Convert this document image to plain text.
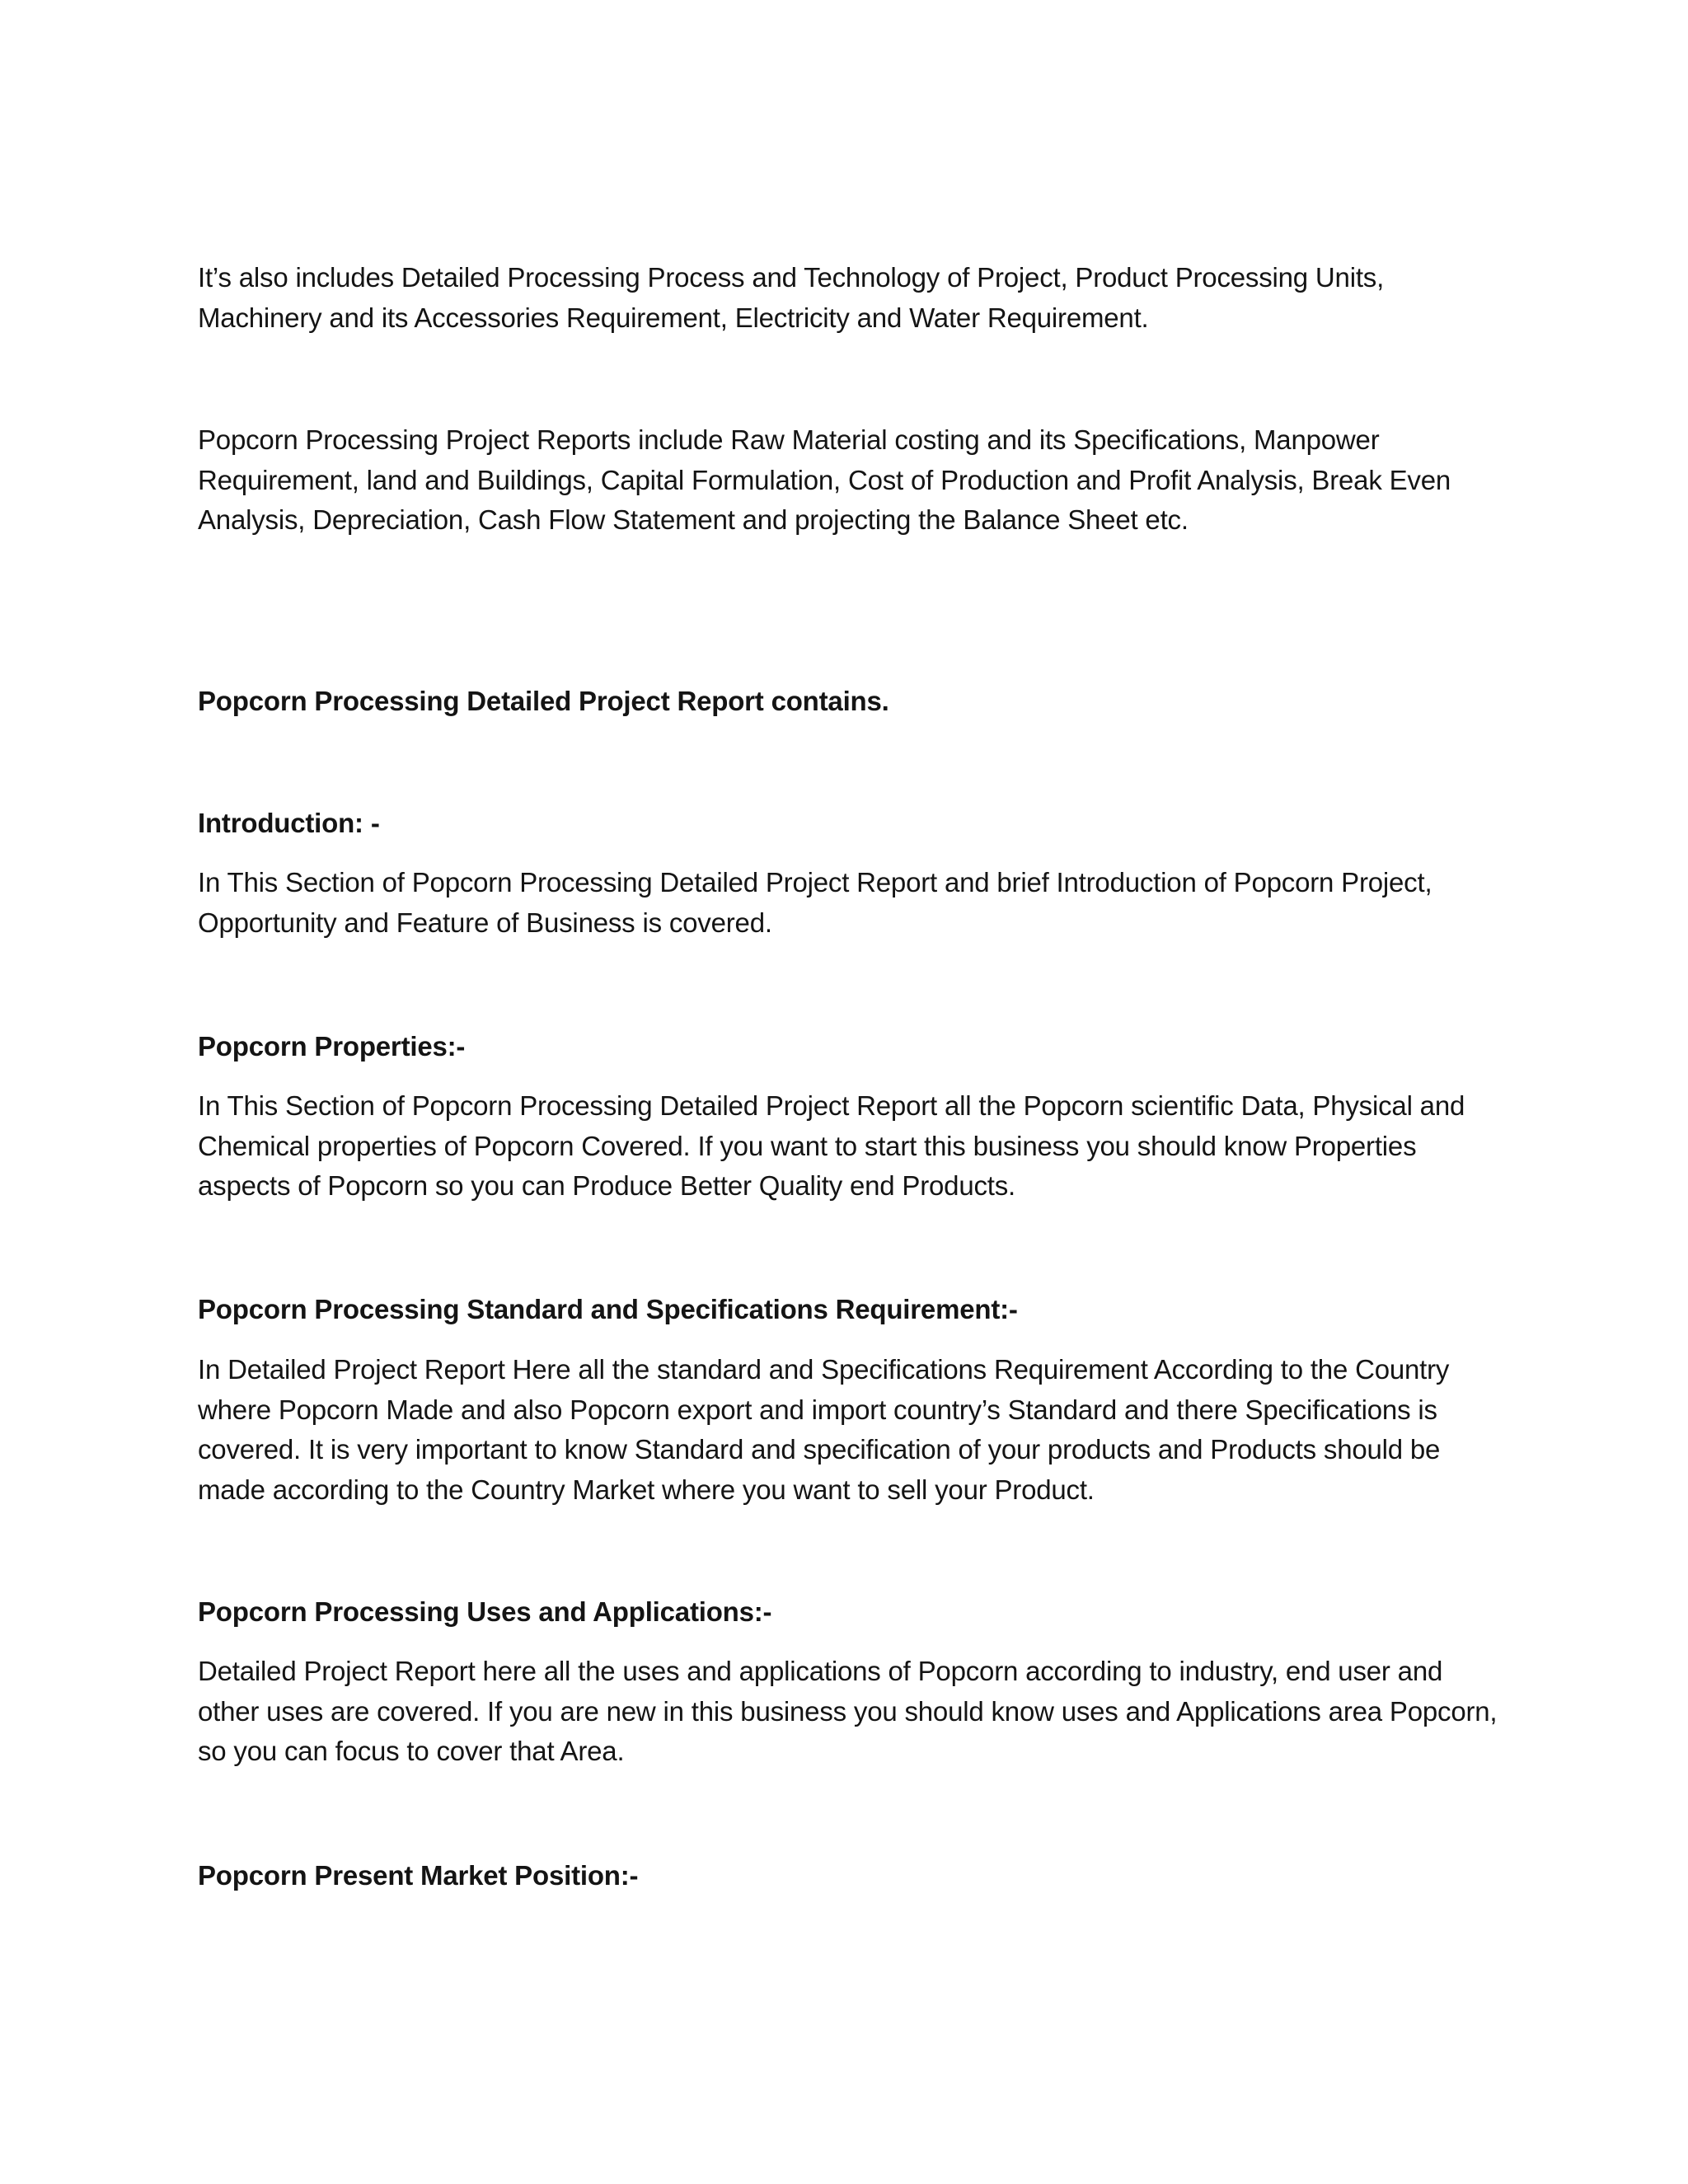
It’s also includes Detailed Processing Process and Technology of Project, Product Processing Units, Machinery and its Accessories Requirement, Electricity and Water Requirement.

Popcorn Processing Project Reports include Raw Material costing and its Specifications, Manpower Requirement, land and Buildings, Capital Formulation, Cost of Production and Profit Analysis, Break Even Analysis, Depreciation, Cash Flow Statement and projecting the Balance Sheet etc.

Popcorn Processing Detailed Project Report contains.

Introduction: -

In This Section of Popcorn Processing Detailed Project Report and brief Introduction of Popcorn Project, Opportunity and Feature of Business is covered.

Popcorn Properties:-

In This Section of Popcorn Processing Detailed Project Report all the Popcorn scientific Data, Physical and Chemical properties of Popcorn Covered. If you want to start this business you should know Properties aspects of Popcorn so you can Produce Better Quality end Products.

Popcorn Processing Standard and Specifications Requirement:-

In Detailed Project Report Here all the standard and Specifications Requirement According to the Country where Popcorn Made and also Popcorn export and import country’s Standard and there Specifications is covered. It is very important to know Standard and specification of your products and Products should be made according to the Country Market where you want to sell your Product.

Popcorn Processing Uses and Applications:-

Detailed Project Report here all the uses and applications of Popcorn according to industry, end user and other uses are covered. If you are new in this business you should know uses and Applications area Popcorn, so you can focus to cover that Area.

Popcorn Present Market Position:-
